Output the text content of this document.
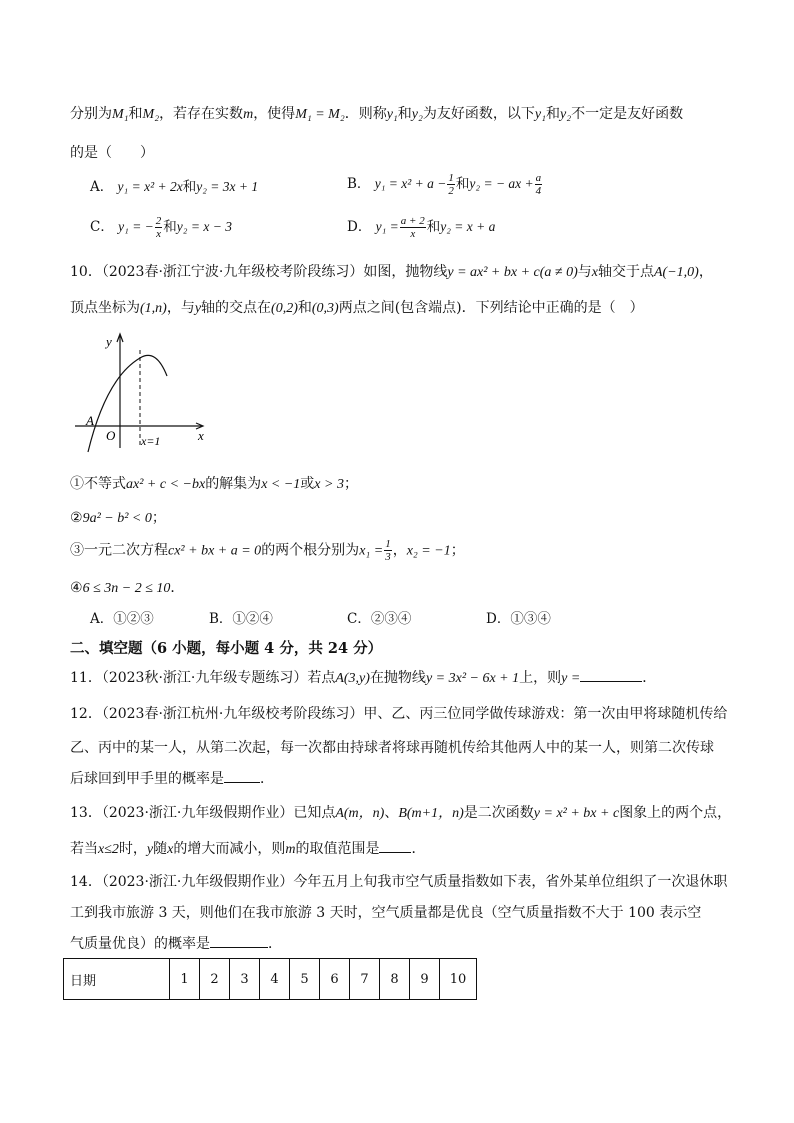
分别为M₁和M₂，若存在实数m，使得M₁ = M₂．则称y₁和y₂为友好函数，以下y₁和y₂不一定是友好函数
的是（　　）
A． y₁ = x² + 2x和y₂ = 3x + 1	B． $y_1 = x^2 + a - \frac{1}{2}$ 和y₂ = − ax + $\frac{a}{4}$
C． y₁ = − $\frac{2}{x}$ 和y₂ = x − 3	D． $y_1 = \frac{a + 2}{x}$ 和y₂ = x + a
10．（2023春·浙江宁波·九年级校考阶段练习）如图，抛物线y = ax² + bx + c(a ≠ 0)与x轴交于点A(−1,0)，
顶点坐标为(1,n)，与y轴的交点在(0,2)和(0,3)两点之间(包含端点)．下列结论中正确的是（　）
y
x
A
O x=1
①不等式ax² + c < −bx的解集为x < −1或x > 3；
②9a² − b² < 0；
③一元二次方程cx² + bx + a = 0的两个根分别为$x_1 = \frac{1}{3}$ ，x₂ = −1；
④6 ≤ 3n − 2 ≤ 10．
A．①②③	B．①②④	C．②③④	D．①③④
二、填空题（6 小题，每小题 4 分，共 24 分）
11．（2023秋·浙江·九年级专题练习）若点A(3,y)在抛物线y = 3x² − 6x + 1上，则y =	．
12．（2023春·浙江杭州·九年级校考阶段练习）甲、乙、丙三位同学做传球游戏：第一次由甲将球随机传给
乙、丙中的某一人，从第二次起，每一次都由持球者将球再随机传给其他两人中的某一人，则第二次传球
后球回到甲手里的概率是	．
13．（2023·浙江·九年级假期作业）已知点A(m，n)、B(m+1，n)是二次函数y = x² + bx + c图象上的两个点，
若当x≤2时，y随x的增大而减小，则m的取值范围是 ．
14．（2023·浙江·九年级假期作业）今年五月上旬我市空气质量指数如下表，省外某单位组织了一次退休职
工到我市旅游 3 天，则他们在我市旅游 3 天时，空气质量都是优良（空气质量指数不大于 100 表示空
气质量优良）的概率是	．
日期	1	2	3	4	5	6	7	8	9	10
